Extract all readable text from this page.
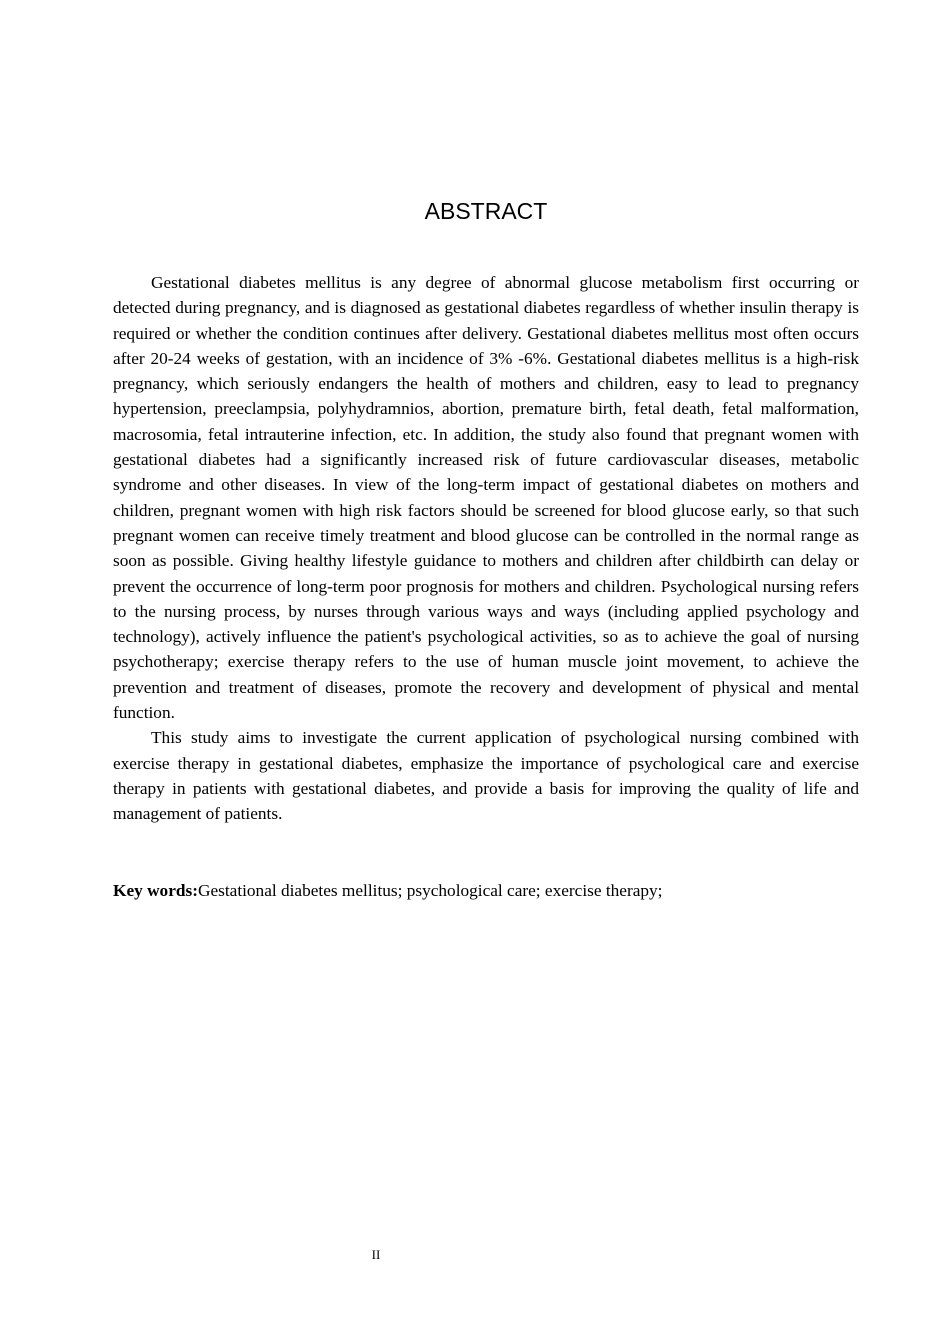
ABSTRACT

Gestational diabetes mellitus is any degree of abnormal glucose metabolism first occurring or detected during pregnancy, and is diagnosed as gestational diabetes regardless of whether insulin therapy is required or whether the condition continues after delivery. Gestational diabetes mellitus most often occurs after 20-24 weeks of gestation, with an incidence of 3% -6%. Gestational diabetes mellitus is a high-risk pregnancy, which seriously endangers the health of mothers and children, easy to lead to pregnancy hypertension, preeclampsia, polyhydramnios, abortion, premature birth, fetal death, fetal malformation, macrosomia, fetal intrauterine infection, etc. In addition, the study also found that pregnant women with gestational diabetes had a significantly increased risk of future cardiovascular diseases, metabolic syndrome and other diseases. In view of the long-term impact of gestational diabetes on mothers and children, pregnant women with high risk factors should be screened for blood glucose early, so that such pregnant women can receive timely treatment and blood glucose can be controlled in the normal range as soon as possible. Giving healthy lifestyle guidance to mothers and children after childbirth can delay or prevent the occurrence of long-term poor prognosis for mothers and children. Psychological nursing refers to the nursing process, by nurses through various ways and ways (including applied psychology and technology), actively influence the patient's psychological activities, so as to achieve the goal of nursing psychotherapy; exercise therapy refers to the use of human muscle joint movement, to achieve the prevention and treatment of diseases, promote the recovery and development of physical and mental function.

This study aims to investigate the current application of psychological nursing combined with exercise therapy in gestational diabetes, emphasize the importance of psychological care and exercise therapy in patients with gestational diabetes, and provide a basis for improving the quality of life and management of patients.

Key words:Gestational diabetes mellitus; psychological care; exercise therapy;
II
